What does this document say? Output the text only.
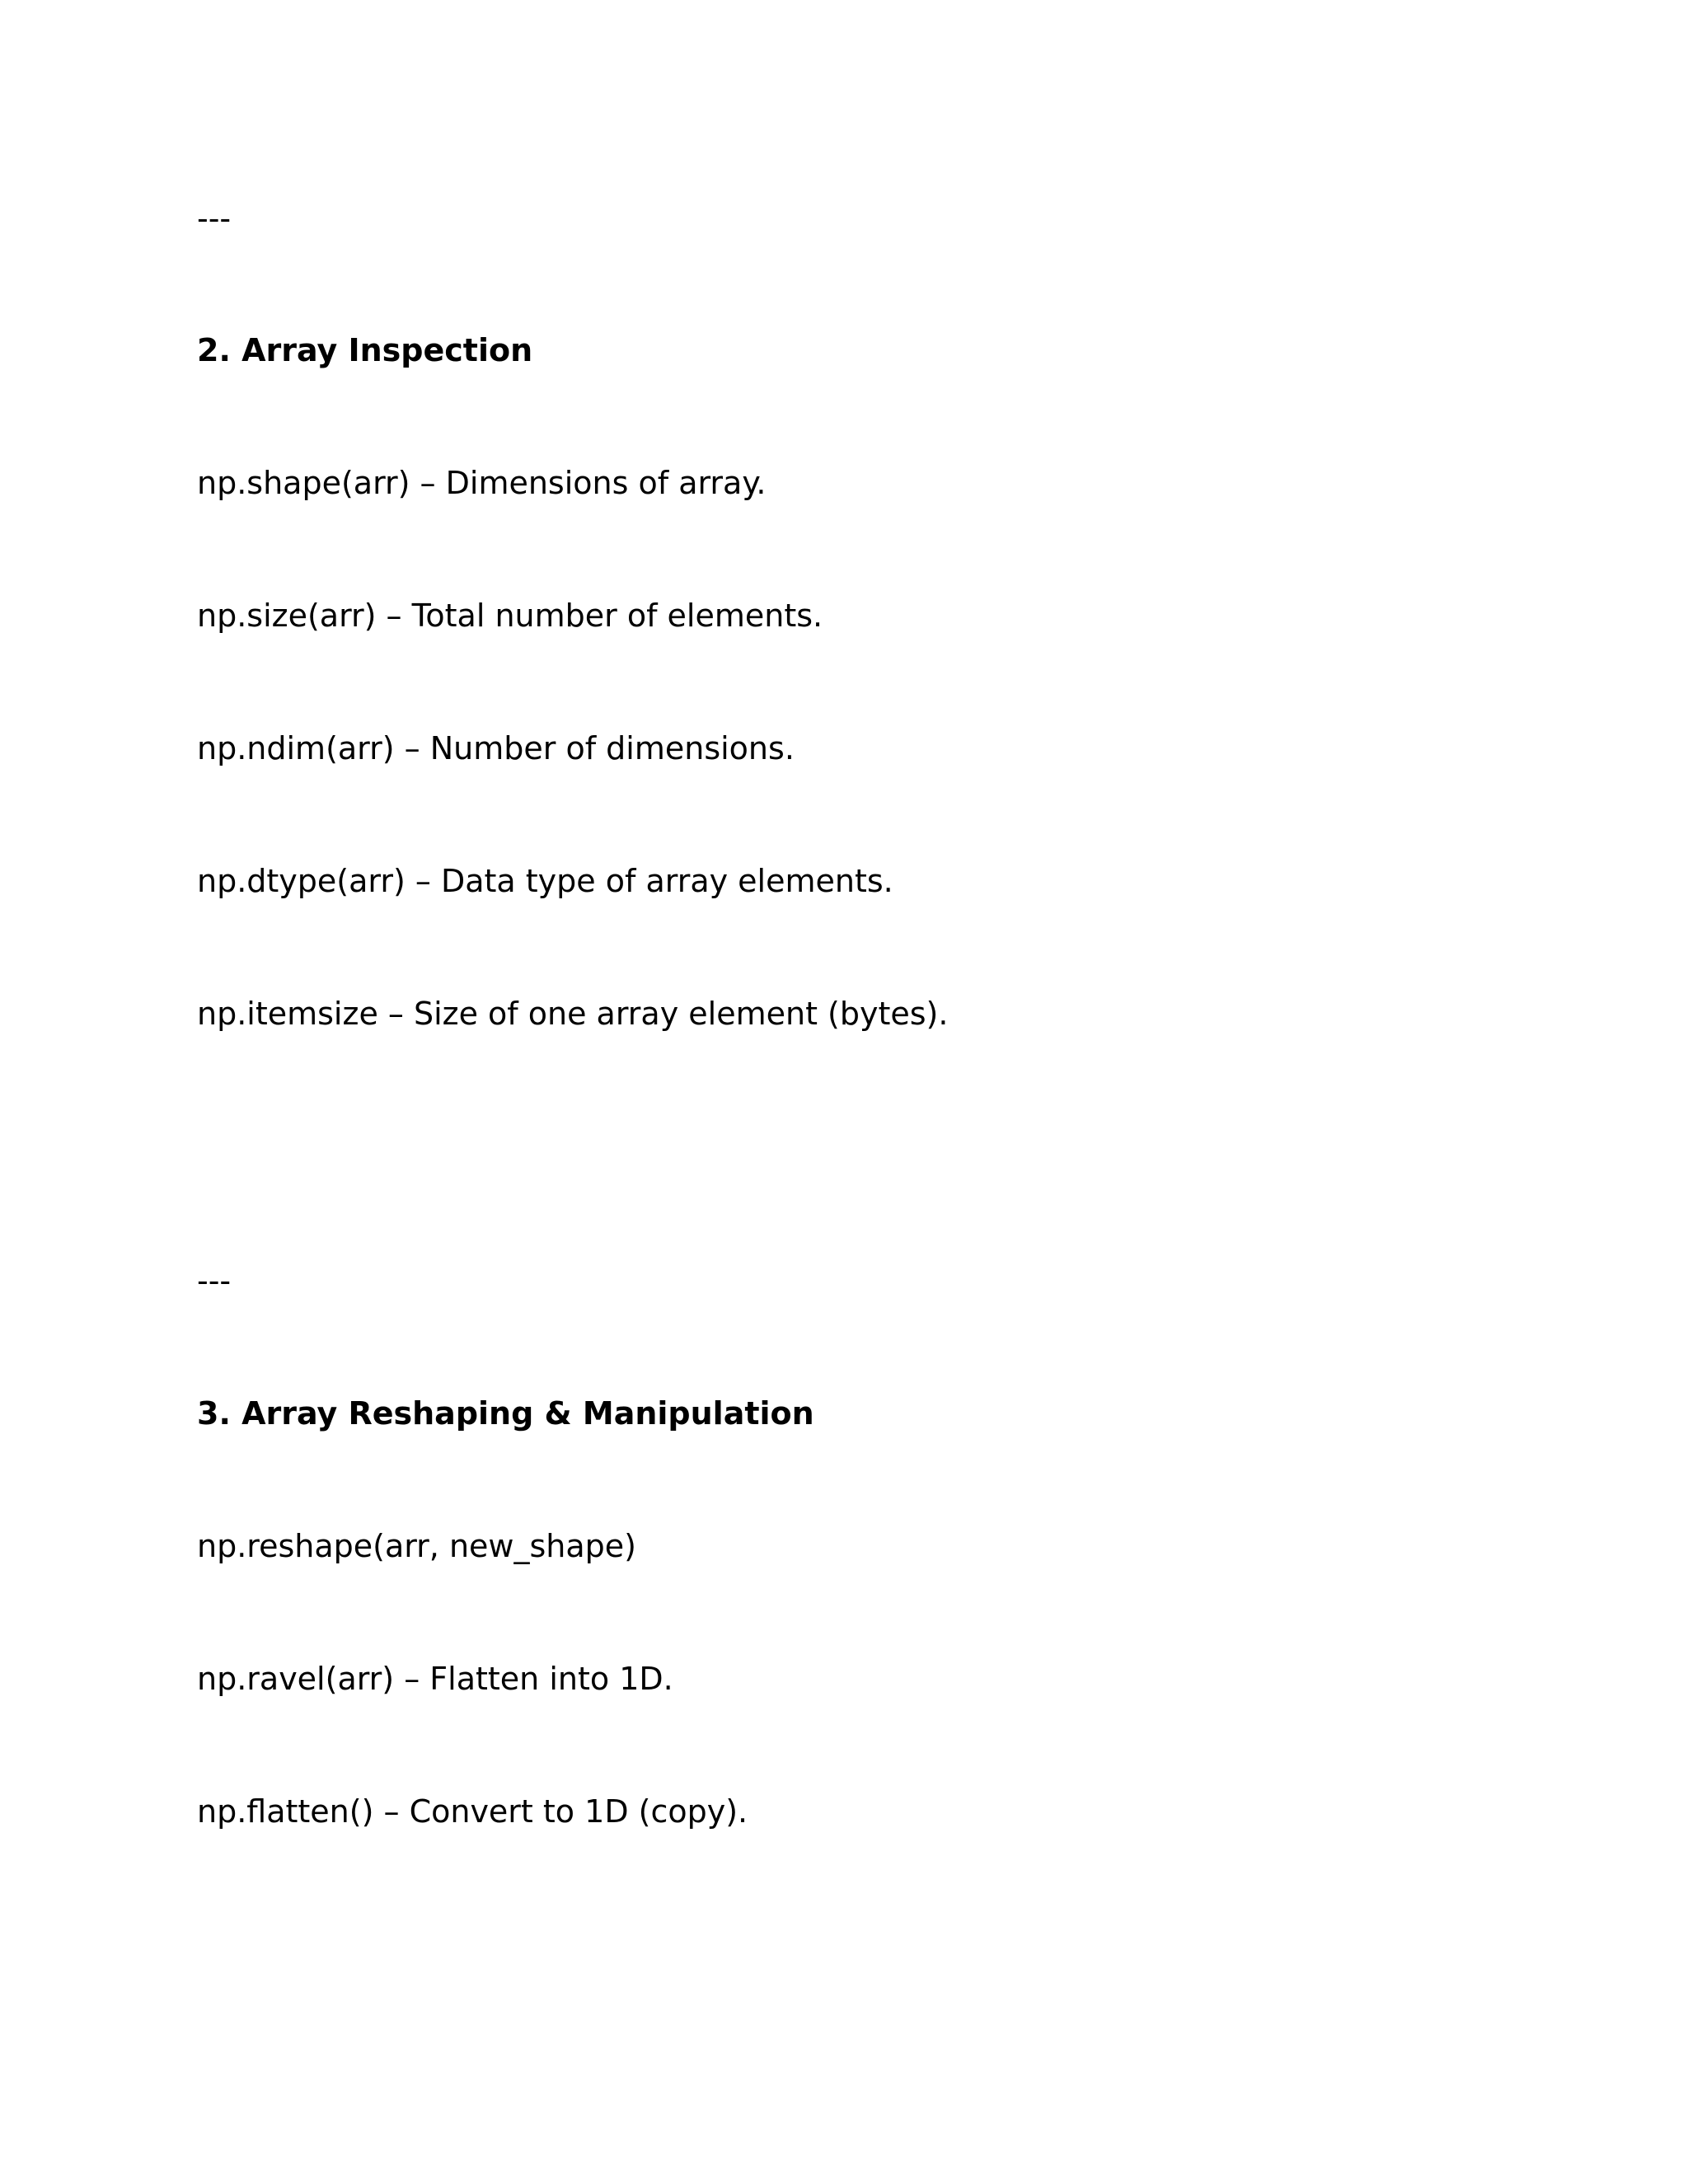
---

2. Array Inspection

np.shape(arr) – Dimensions of array.

np.size(arr) – Total number of elements.

np.ndim(arr) – Number of dimensions.

np.dtype(arr) – Data type of array elements.

np.itemsize – Size of one array element (bytes).

---

3. Array Reshaping & Manipulation

np.reshape(arr, new_shape)

np.ravel(arr) – Flatten into 1D.

np.flatten() – Convert to 1D (copy).
